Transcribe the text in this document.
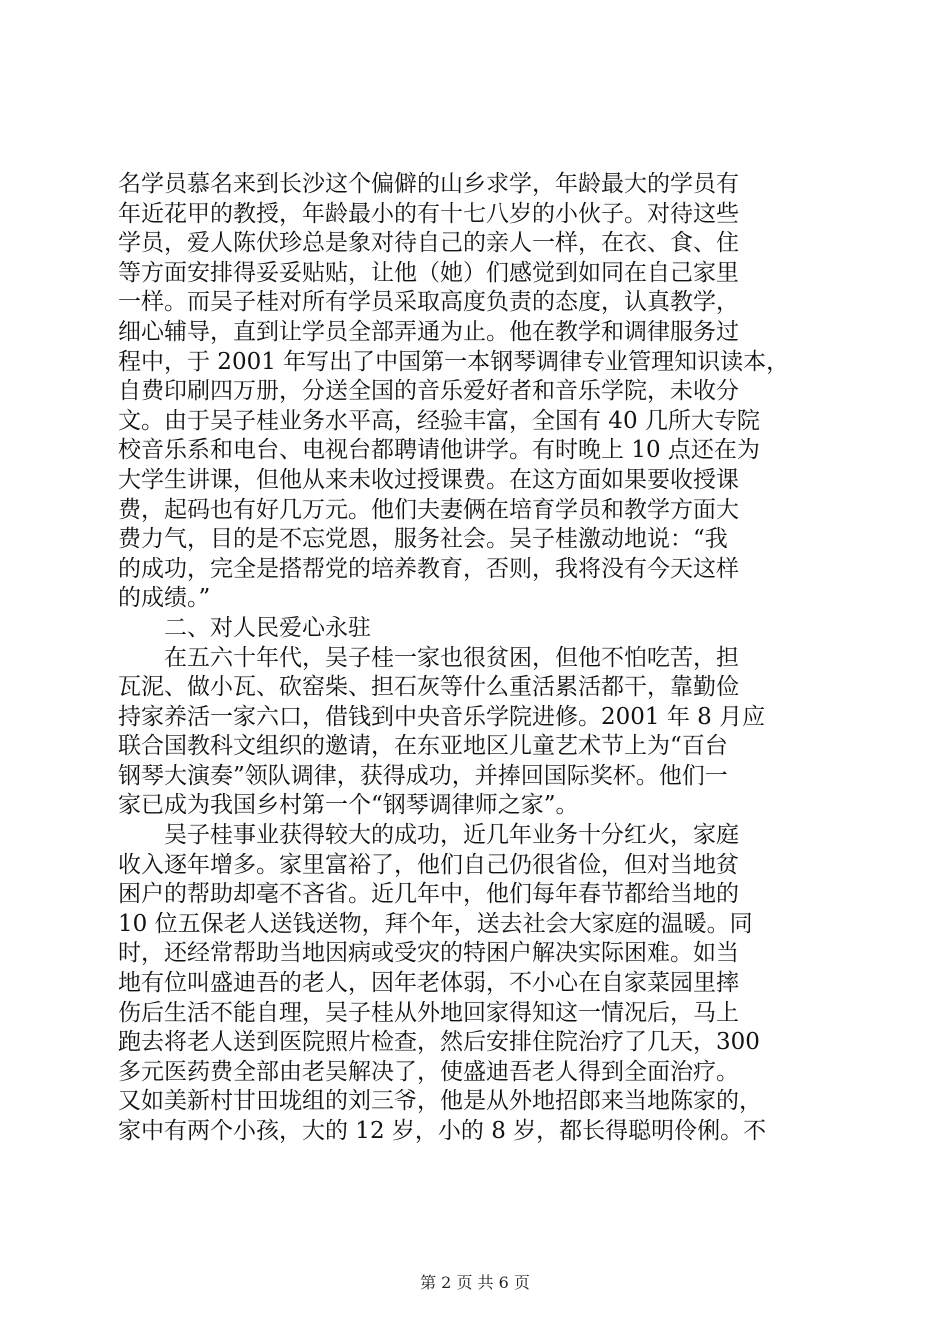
名学员慕名来到长沙这个偏僻的山乡求学，年龄最大的学员有
年近花甲的教授，年龄最小的有十七八岁的小伙子。对待这些
学员，爱人陈伏珍总是象对待自己的亲人一样，在衣、食、住
等方面安排得妥妥贴贴，让他（她）们感觉到如同在自己家里
一样。而吴子桂对所有学员采取高度负责的态度，认真教学，
细心辅导，直到让学员全部弄通为止。他在教学和调律服务过
程中，于 2001 年写出了中国第一本钢琴调律专业管理知识读本，
自费印刷四万册，分送全国的音乐爱好者和音乐学院，未收分
文。由于吴子桂业务水平高，经验丰富，全国有 40 几所大专院
校音乐系和电台、电视台都聘请他讲学。有时晚上 10 点还在为
大学生讲课，但他从来未收过授课费。在这方面如果要收授课
费，起码也有好几万元。他们夫妻俩在培育学员和教学方面大
费力气，目的是不忘党恩，服务社会。吴子桂激动地说：“我
的成功，完全是搭帮党的培养教育，否则，我将没有今天这样
的成绩。”
　　二、对人民爱心永驻
　　在五六十年代，吴子桂一家也很贫困，但他不怕吃苦，担
瓦泥、做小瓦、砍窑柴、担石灰等什么重活累活都干，靠勤俭
持家养活一家六口，借钱到中央音乐学院进修。2001 年 8 月应
联合国教科文组织的邀请，在东亚地区儿童艺术节上为“百台
钢琴大演奏”领队调律，获得成功，并捧回国际奖杯。他们一
家已成为我国乡村第一个“钢琴调律师之家”。
　　吴子桂事业获得较大的成功，近几年业务十分红火，家庭
收入逐年增多。家里富裕了，他们自己仍很省俭，但对当地贫
困户的帮助却毫不吝省。近几年中，他们每年春节都给当地的
10 位五保老人送钱送物，拜个年，送去社会大家庭的温暖。同
时，还经常帮助当地因病或受灾的特困户解决实际困难。如当
地有位叫盛迪吾的老人，因年老体弱，不小心在自家菜园里摔
伤后生活不能自理，吴子桂从外地回家得知这一情况后，马上
跑去将老人送到医院照片检查，然后安排住院治疗了几天，300
多元医药费全部由老吴解决了，使盛迪吾老人得到全面治疗。
又如美新村甘田垅组的刘三爷，他是从外地招郎来当地陈家的，
家中有两个小孩，大的 12 岁，小的 8 岁，都长得聪明伶俐。不
第 2 页 共 6 页
